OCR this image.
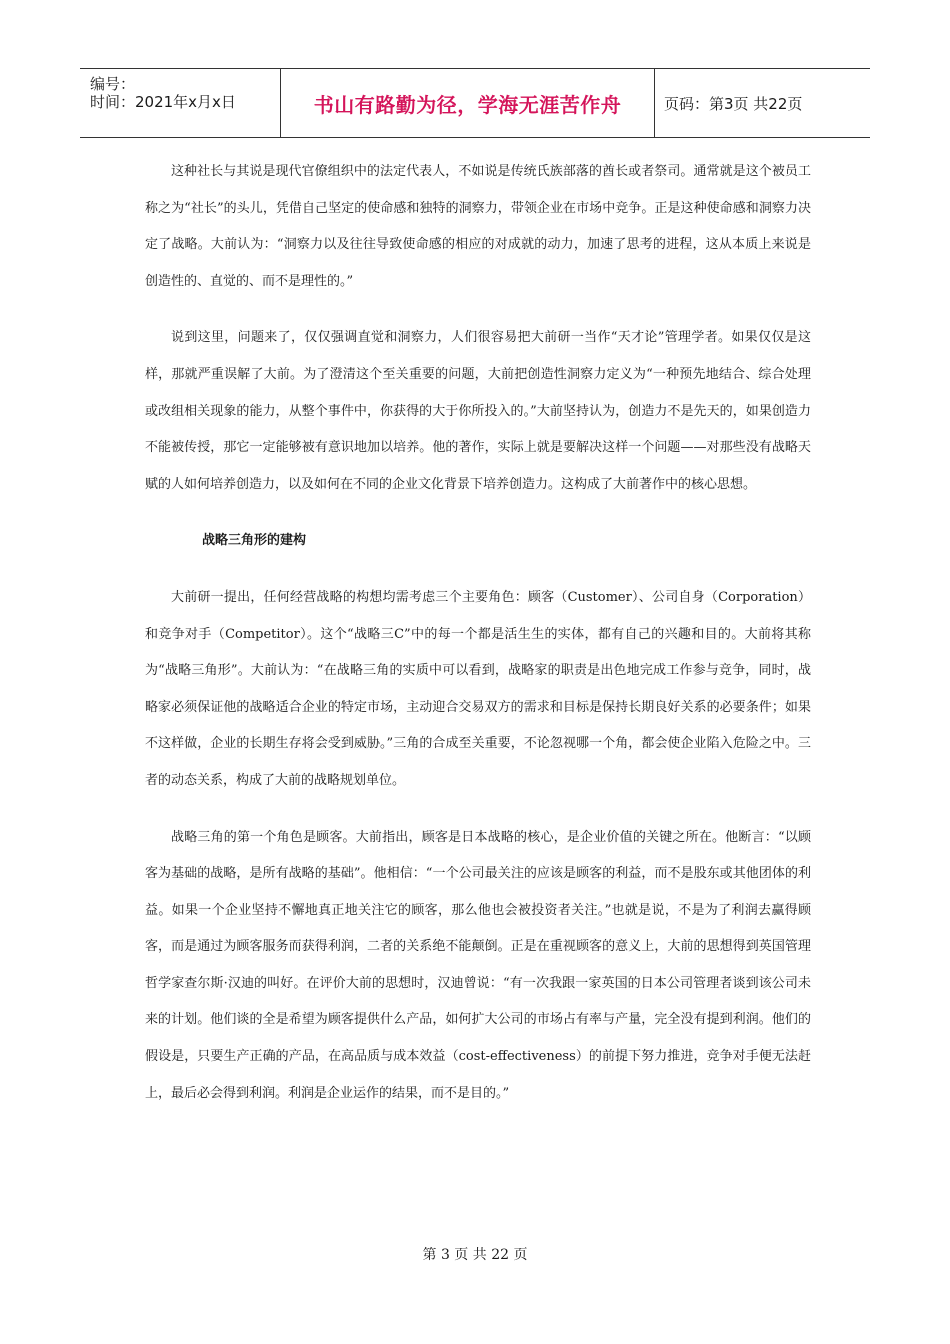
编号：
时间：2021年x月x日	书山有路勤为径，学海无涯苦作舟	页码：第3页 共22页

这种社长与其说是现代官僚组织中的法定代表人，不如说是传统氏族部落的酋长或者祭司。通常就是这个被员工称之为“社长”的头儿，凭借自己坚定的使命感和独特的洞察力，带领企业在市场中竞争。正是这种使命感和洞察力决定了战略。大前认为：“洞察力以及往往导致使命感的相应的对成就的动力，加速了思考的进程，这从本质上来说是创造性的、直觉的、而不是理性的。”

说到这里，问题来了，仅仅强调直觉和洞察力，人们很容易把大前研一当作“天才论”管理学者。如果仅仅是这样，那就严重误解了大前。为了澄清这个至关重要的问题，大前把创造性洞察力定义为“一种预先地结合、综合处理或改组相关现象的能力，从整个事件中，你获得的大于你所投入的。”大前坚持认为，创造力不是先天的，如果创造力不能被传授，那它一定能够被有意识地加以培养。他的著作，实际上就是要解决这样一个问题——对那些没有战略天赋的人如何培养创造力，以及如何在不同的企业文化背景下培养创造力。这构成了大前著作中的核心思想。

战略三角形的建构

大前研一提出，任何经营战略的构想均需考虑三个主要角色：顾客（Customer）、公司自身（Corporation）和竞争对手（Competitor）。这个“战略三C”中的每一个都是活生生的实体，都有自己的兴趣和目的。大前将其称为“战略三角形”。大前认为：“在战略三角的实质中可以看到，战略家的职责是出色地完成工作参与竞争，同时，战略家必须保证他的战略适合企业的特定市场，主动迎合交易双方的需求和目标是保持长期良好关系的必要条件；如果不这样做，企业的长期生存将会受到威胁。”三角的合成至关重要，不论忽视哪一个角，都会使企业陷入危险之中。三者的动态关系，构成了大前的战略规划单位。

战略三角的第一个角色是顾客。大前指出，顾客是日本战略的核心，是企业价值的关键之所在。他断言：“以顾客为基础的战略，是所有战略的基础”。他相信：“一个公司最关注的应该是顾客的利益，而不是股东或其他团体的利益。如果一个企业坚持不懈地真正地关注它的顾客，那么他也会被投资者关注。”也就是说，不是为了利润去赢得顾客，而是通过为顾客服务而获得利润，二者的关系绝不能颠倒。正是在重视顾客的意义上，大前的思想得到英国管理哲学家查尔斯·汉迪的叫好。在评价大前的思想时，汉迪曾说：“有一次我跟一家英国的日本公司管理者谈到该公司未来的计划。他们谈的全是希望为顾客提供什么产品，如何扩大公司的市场占有率与产量，完全没有提到利润。他们的假设是，只要生产正确的产品，在高品质与成本效益（cost-effectiveness）的前提下努力推进，竞争对手便无法赶上，最后必会得到利润。利润是企业运作的结果，而不是目的。”

第 3 页 共 22 页
